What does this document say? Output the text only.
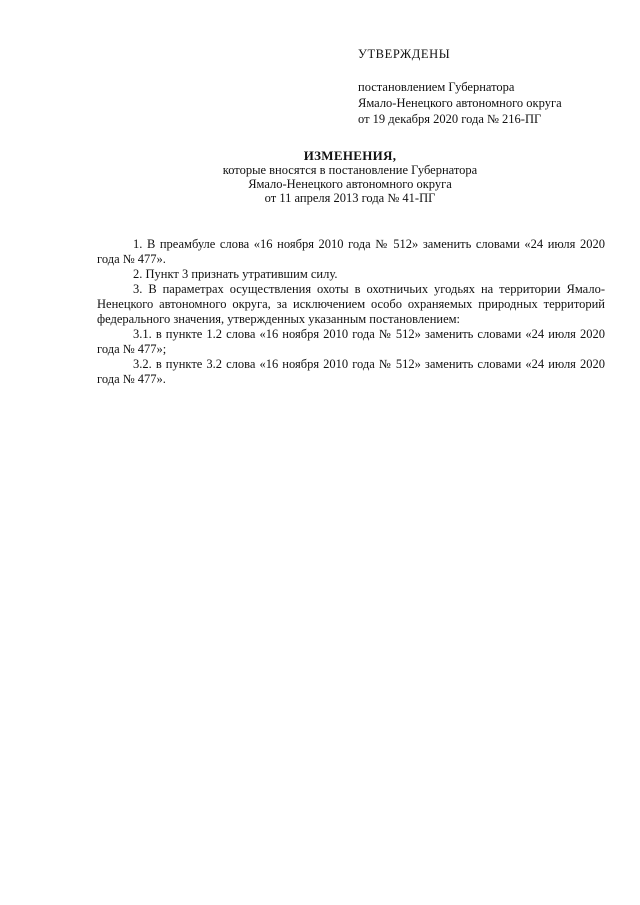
УТВЕРЖДЕНЫ
постановлением Губернатора
Ямало-Ненецкого автономного округа
от 19 декабря 2020 года № 216-ПГ
ИЗМЕНЕНИЯ,
которые вносятся в постановление Губернатора
Ямало-Ненецкого автономного округа
от 11 апреля 2013 года № 41-ПГ

1. В преамбуле слова «16 ноября 2010 года № 512» заменить словами «24 июля 2020 года № 477».

2. Пункт 3 признать утратившим силу.

3. В параметрах осуществления охоты в охотничьих угодьях на территории Ямало-Ненецкого автономного округа, за исключением особо охраняемых природных территорий федерального значения, утвержденных указанным постановлением:

3.1. в пункте 1.2 слова «16 ноября 2010 года № 512» заменить словами «24 июля 2020 года № 477»;

3.2. в пункте 3.2 слова «16 ноября 2010 года № 512» заменить словами «24 июля 2020 года № 477».
